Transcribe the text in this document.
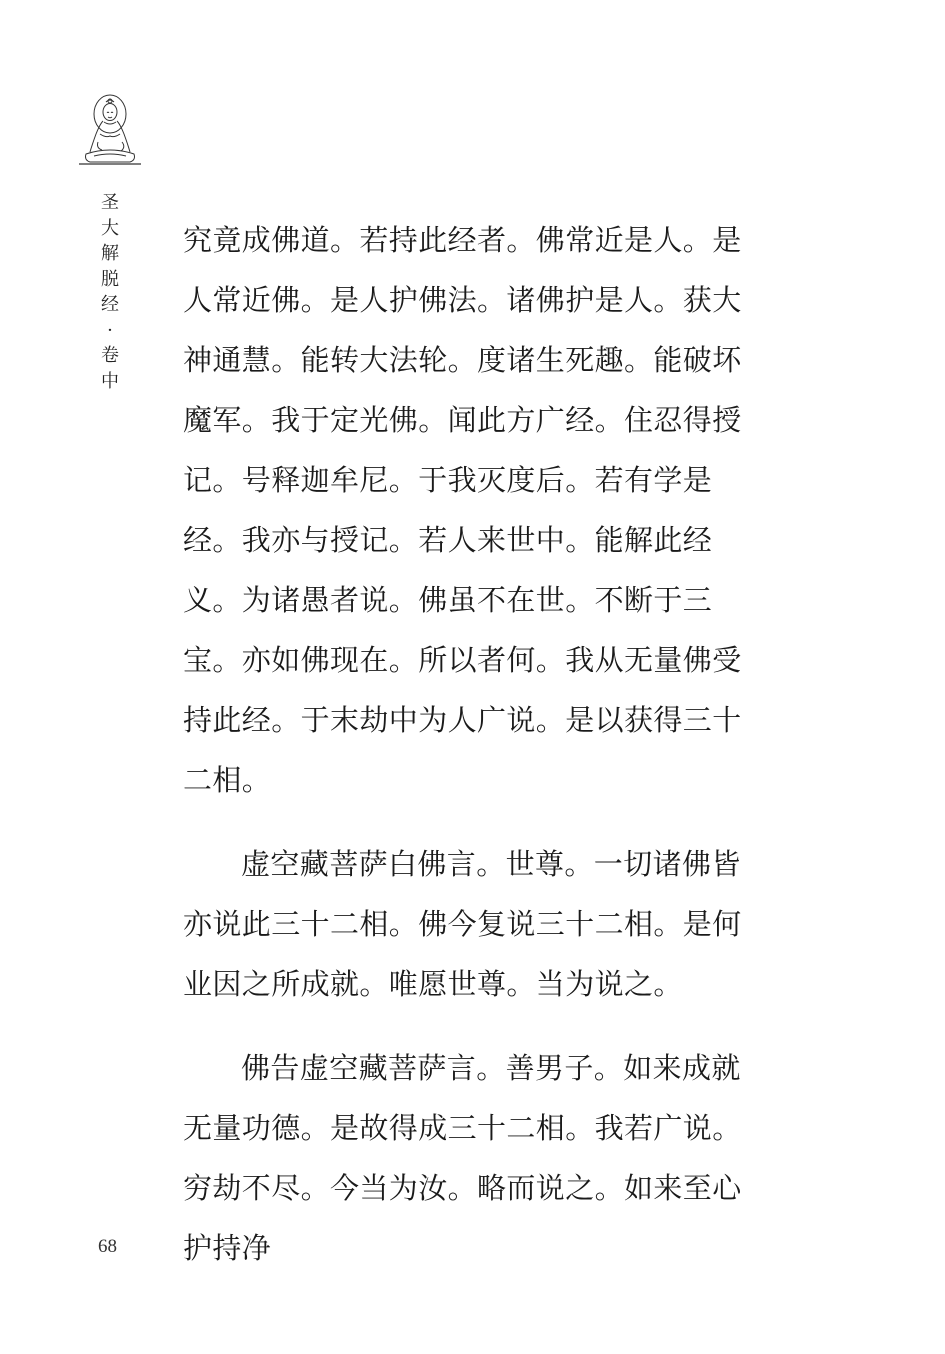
圣
大
解
脱
经
·
卷
中

究竟成佛道。若持此经者。佛常近是人。是人常近佛。是人护佛法。诸佛护是人。获大神通慧。能转大法轮。度诸生死趣。能破坏魔军。我于定光佛。闻此方广经。住忍得授记。号释迦牟尼。于我灭度后。若有学是经。我亦与授记。若人来世中。能解此经义。为诸愚者说。佛虽不在世。不断于三宝。亦如佛现在。所以者何。我从无量佛受持此经。于末劫中为人广说。是以获得三十二相。

虚空藏菩萨白佛言。世尊。一切诸佛皆亦说此三十二相。佛今复说三十二相。是何业因之所成就。唯愿世尊。当为说之。

佛告虚空藏菩萨言。善男子。如来成就无量功德。是故得成三十二相。我若广说。穷劫不尽。今当为汝。略而说之。如来至心护持净

68
